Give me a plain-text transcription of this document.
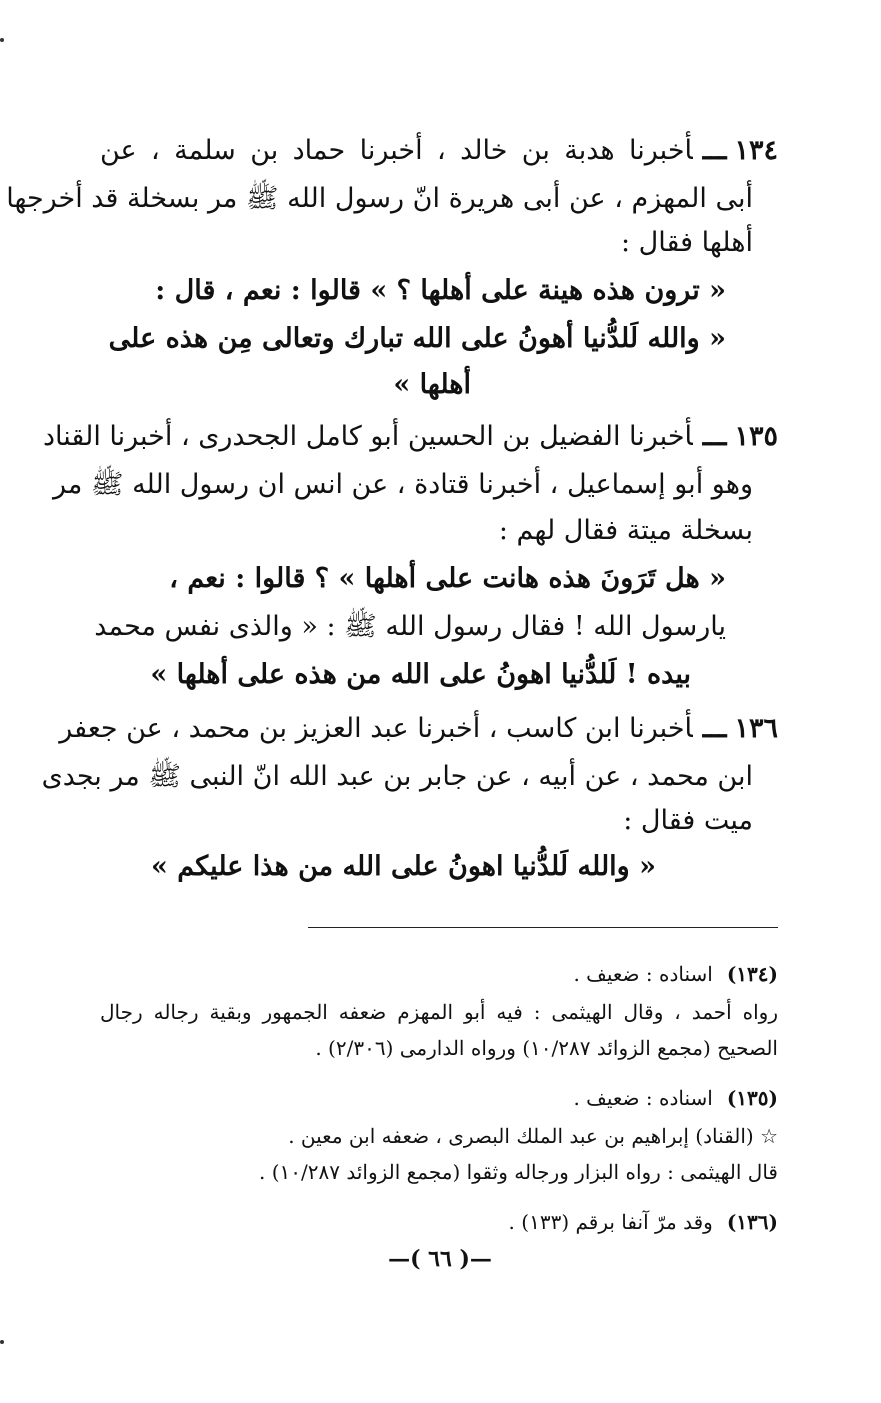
١٣٤ـــأخبرنا هدبة بن خالد ، أخبرنا حماد بن سلمة ، عن
أبى المهزم ، عن أبى هريرة انّ رسول الله ﷺ مر بسخلة قد أخرجها
أهلها فقال :
« ترون هذه هينة على أهلها ؟ » قالوا : نعم ، قال :
« والله لَلدُّنيا أهونُ على الله تبارك وتعالى مِن هذه على
أهلها »
١٣٥ـــأخبرنا الفضيل بن الحسين أبو كامل الجحدرى ، أخبرنا القناد
وهو أبو إسماعيل ، أخبرنا قتادة ، عن انس ان رسول الله ﷺ مر
بسخلة ميتة فقال لهم :
« هل تَرَونَ هذه هانت على أهلها » ؟ قالوا : نعم ،
يارسول الله ! فقال رسول الله ﷺ : « والذى نفس محمد
بيده ! لَلدُّنيا اهونُ على الله من هذه على أهلها »
١٣٦ـــأخبرنا ابن كاسب ، أخبرنا عبد العزيز بن محمد ، عن جعفر
ابن محمد ، عن أبيه ، عن جابر بن عبد الله انّ النبى ﷺ مر بجدى
ميت فقال :
« والله لَلدُّنيا اهونُ على الله من هذا عليكم »
(١٣٤)اسناده : ضعيف .
رواه أحمد ، وقال الهيثمى : فيه أبو المهزم ضعفه الجمهور وبقية رجاله رجال
الصحيح (مجمع الزوائد ١٠/٢٨٧) ورواه الدارمى (٢/٣٠٦) .
(١٣٥)اسناده : ضعيف .
☆ (القناد) إبراهيم بن عبد الملك البصرى ، ضعفه ابن معين .
قال الهيثمى : رواه البزار ورجاله وثقوا (مجمع الزوائد ١٠/٢٨٧) .
(١٣٦)وقد مرّ آنفا برقم (١٣٣) .
—( ٦٦ )—
